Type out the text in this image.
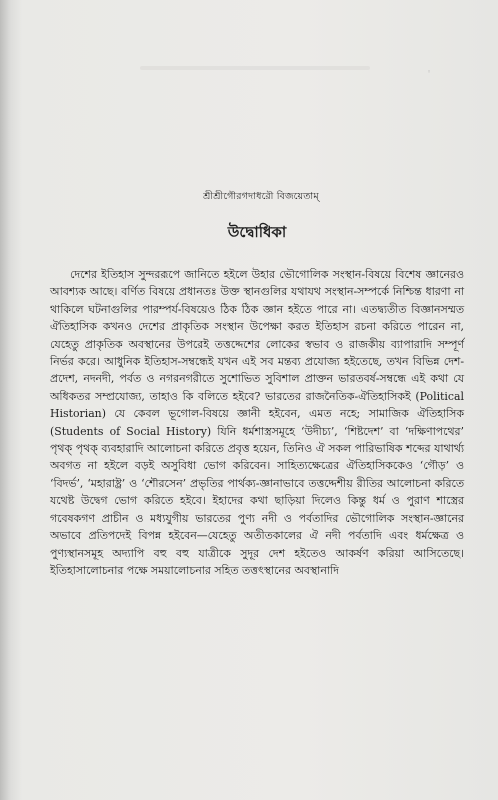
◦
শ্রীশ্রীগৌরগদাধরৌ বিজয়েতাম্
উদ্বোধিকা

দেশের ইতিহাস সুন্দররূপে জানিতে হইলে উহার ভৌগোলিক সংস্থান-বিষয়ে বিশেষ জ্ঞানেরও আবশ্যক আছে। বর্ণিত বিষয়ে প্রধানতঃ উক্ত স্থানগুলির যথাযথ সংস্থান-সম্পর্কে নিশ্চিন্ত ধারণা না থাকিলে ঘটনাগুলির পারম্পর্য-বিষয়েও ঠিক ঠিক জ্ঞান হইতে পারে না। এতদ্ব্যতীত বিজ্ঞানসম্মত ঐতিহাসিক কখনও দেশের প্রাকৃতিক সংস্থান উপেক্ষা করত ইতিহাস রচনা করিতে পারেন না, যেহেতু প্রাকৃতিক অবস্থানের উপরেই তত্তদ্দেশের লোকের স্বভাব ও রাজকীয় ব্যাপারাদি সম্পূর্ণ নির্ভর করে। আধুনিক ইতিহাস-সম্বন্ধেই যখন এই সব মন্তব্য প্রযোজ্য হইতেছে, তখন বিভিন্ন দেশ-প্রদেশ, নদনদী, পর্বত ও নগরনগরীতে সুশোভিত সুবিশাল প্রাক্তন ভারতবর্ষ-সম্বন্ধে এই কথা যে অধিকতর সম্প্রযোজ্য, তাহাও কি বলিতে হইবে? ভারতের রাজনৈতিক-ঐতিহাসিকই (Political Historian) যে কেবল ভূগোল-বিষয়ে জ্ঞানী হইবেন, এমত নহে; সামাজিক ঐতিহাসিক (Students of Social History) যিনি ধর্মশাস্ত্রসমূহে ‘উদীচ্য’, ‘শিষ্টদেশ’ বা ‘দক্ষিণাপথের’ পৃথক্ পৃথক্ ব্যবহারাদি আলোচনা করিতে প্রবৃত্ত হয়েন, তিনিও ঐ সকল পারিভাষিক শব্দের যাথার্থ্য অবগত না হইলে বড়ই অসুবিধা ভোগ করিবেন। সাহিত্যক্ষেত্রের ঐতিহাসিককেও ‘গৌড়’ ও ‘বিদর্ভ’, ‘মহারাষ্ট্র’ ও ‘শৌরসেন’ প্রভৃতির পার্থক্য-জ্ঞানাভাবে তত্তদ্দেশীয় রীতির আলোচনা করিতে যথেষ্ট উদ্বেগ ভোগ করিতে হইবে। ইহাদের কথা ছাড়িয়া দিলেও কিন্তু ধর্ম ও পুরাণ শাস্ত্রের গবেষকগণ প্রাচীন ও মধ্যযুগীয় ভারতের পুণ্য নদী ও পর্বতাদির ভৌগোলিক সংস্থান-জ্ঞানের অভাবে প্রতিপদেই বিপন্ন হইবেন—যেহেতু অতীতকালের ঐ নদী পর্বতাদি এবং ধর্মক্ষেত্র ও পুণ্যস্থানসমূহ অদ্যাপি বহু বহু যাত্রীকে সুদূর দেশ হইতেও আকর্ষণ করিয়া আসিতেছে। ইতিহাসালোচনার পক্ষে সময়ালোচনার সহিত তত্তৎস্থানের অবস্থানাদি
